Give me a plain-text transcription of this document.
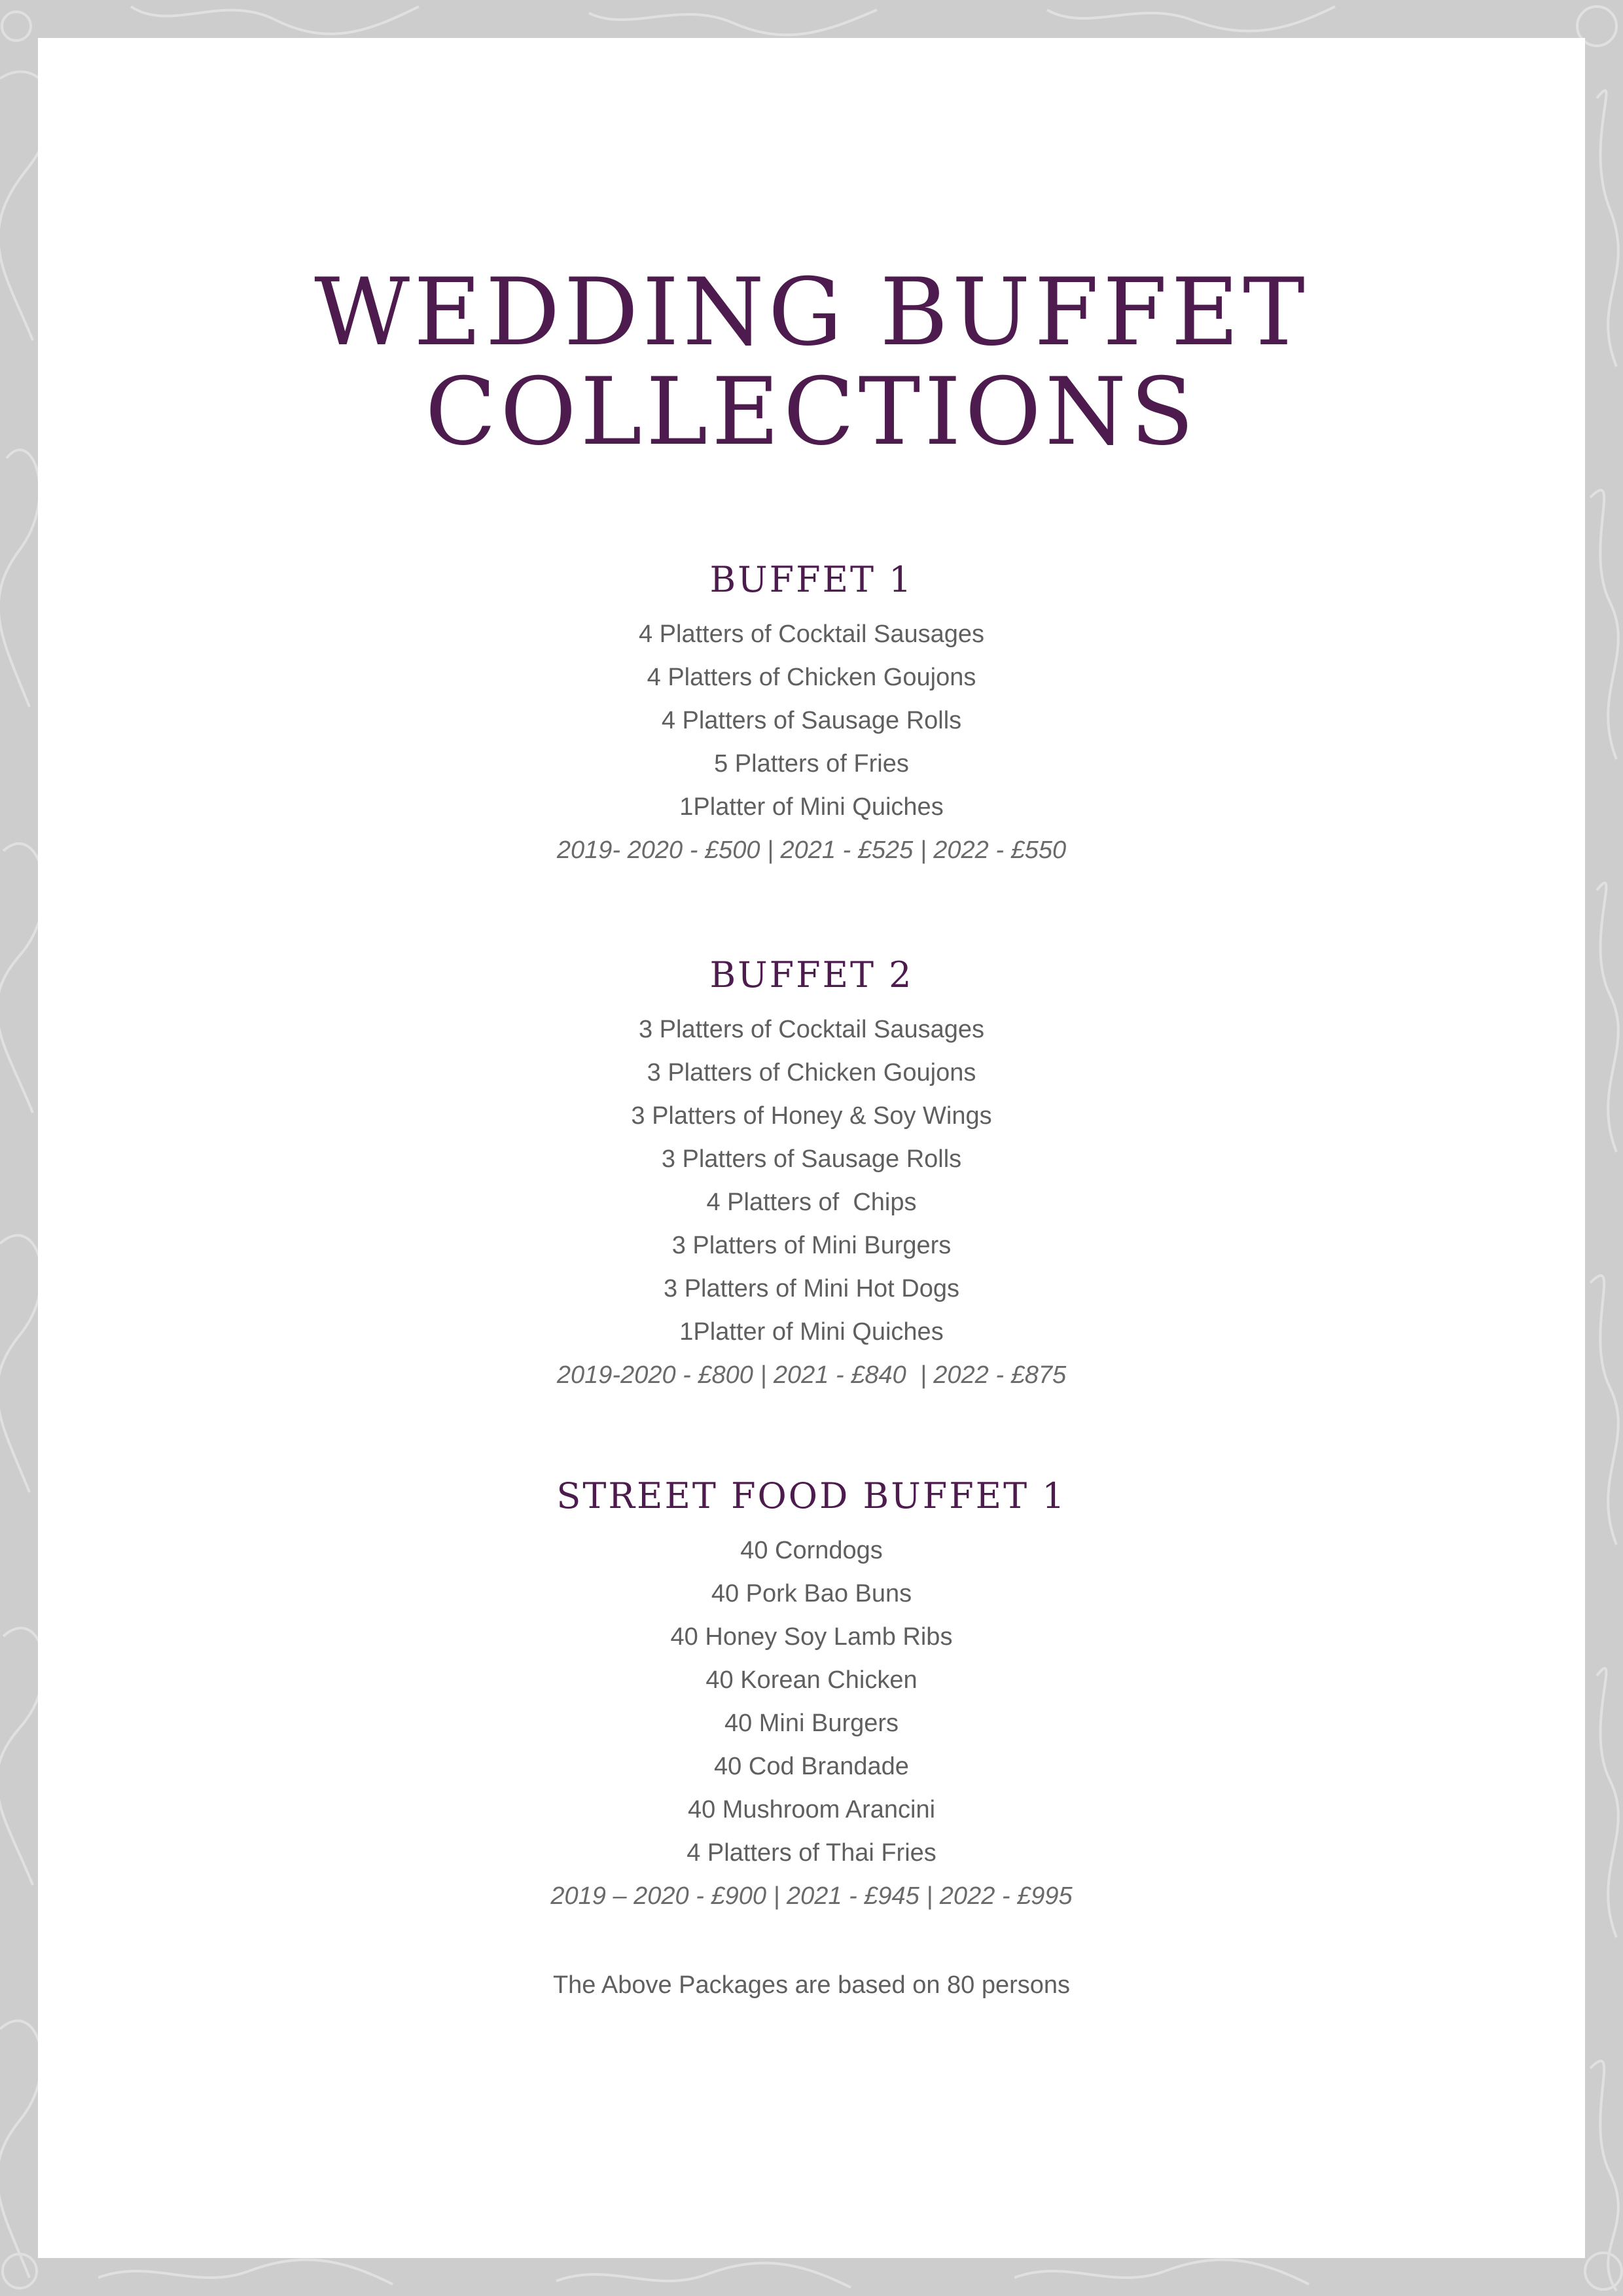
WEDDING BUFFET
COLLECTIONS
BUFFET 1

4 Platters of Cocktail Sausages

4 Platters of Chicken Goujons

4 Platters of Sausage Rolls

5 Platters of Fries

1Platter of Mini Quiches

2019- 2020 - £500 | 2021 - £525 | 2022 - £550

BUFFET 2

3 Platters of Cocktail Sausages

3 Platters of Chicken Goujons

3 Platters of Honey & Soy Wings

3 Platters of Sausage Rolls

4 Platters of  Chips

3 Platters of Mini Burgers

3 Platters of Mini Hot Dogs

1Platter of Mini Quiches

2019-2020 - £800 | 2021 - £840  | 2022 - £875

STREET FOOD BUFFET 1

40 Corndogs

40 Pork Bao Buns

40 Honey Soy Lamb Ribs

40 Korean Chicken

40 Mini Burgers

40 Cod Brandade

40 Mushroom Arancini

4 Platters of Thai Fries

2019 – 2020 - £900 | 2021 - £945 | 2022 - £995

The Above Packages are based on 80 persons
